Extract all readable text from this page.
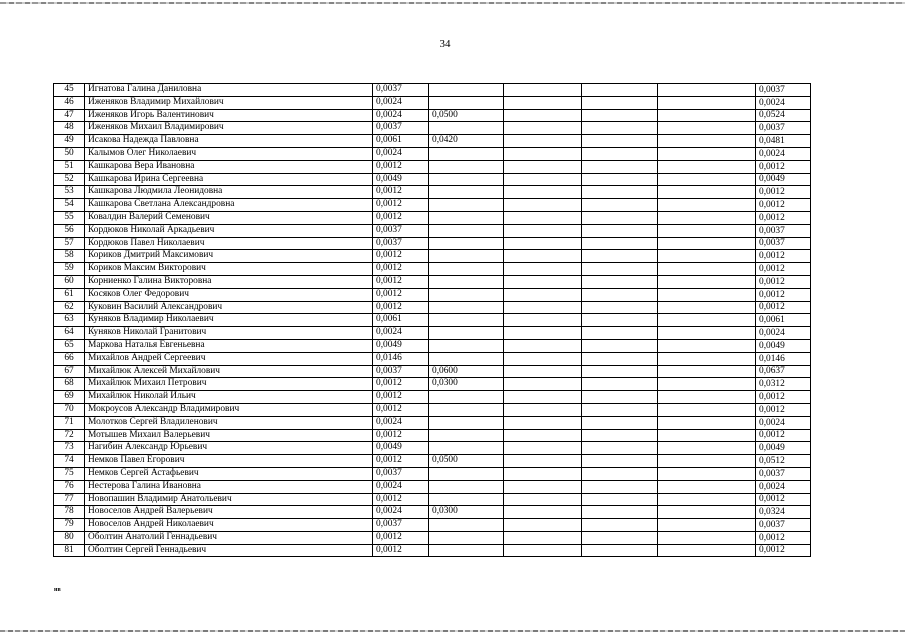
34
45	Игнатова Галина Даниловна	0,0037					0,0037
46	Иженяков Владимир Михайлович	0,0024					0,0024
47	Иженяков Игорь Валентинович	0,0024	0,0500				0,0524
48	Иженяков Михаил Владимирович	0,0037					0,0037
49	Исакова Надежда Павловна	0,0061	0,0420				0,0481
50	Калымов Олег Николаевич	0,0024					0,0024
51	Кашкарова Вера Ивановна	0,0012					0,0012
52	Кашкарова Ирина Сергеевна	0,0049					0,0049
53	Кашкарова Людмила Леонидовна	0,0012					0,0012
54	Кашкарова Светлана Александровна	0,0012					0,0012
55	Ковалдин Валерий Семенович	0,0012					0,0012
56	Кордюков Николай Аркадьевич	0,0037					0,0037
57	Кордюков Павел Николаевич	0,0037					0,0037
58	Кориков Дмитрий Максимович	0,0012					0,0012
59	Кориков Максим Викторович	0,0012					0,0012
60	Корниенко Галина Викторовна	0,0012					0,0012
61	Косяков Олег Федорович	0,0012					0,0012
62	Куковин Василий Александрович	0,0012					0,0012
63	Куняков Владимир Николаевич	0,0061					0,0061
64	Куняков Николай Гранитович	0,0024					0,0024
65	Маркова Наталья Евгеньевна	0,0049					0,0049
66	Михайлов Андрей Сергеевич	0,0146					0,0146
67	Михайлюк Алексей Михайлович	0,0037	0,0600				0,0637
68	Михайлюк Михаил Петрович	0,0012	0,0300				0,0312
69	Михайлюк Николай Ильич	0,0012					0,0012
70	Мокроусов Александр Владимирович	0,0012					0,0012
71	Молотков Сергей Владиленович	0,0024					0,0024
72	Мотышев Михаил Валерьевич	0,0012					0,0012
73	Нагибин Александр Юрьевич	0,0049					0,0049
74	Немков Павел Егорович	0,0012	0,0500				0,0512
75	Немков Сергей Астафьевич	0,0037					0,0037
76	Нестерова Галина Ивановна	0,0024					0,0024
77	Новопашин Владимир Анатольевич	0,0012					0,0012
78	Новоселов Андрей Валерьевич	0,0024	0,0300				0,0324
79	Новоселов Андрей Николаевич	0,0037					0,0037
80	Оболтин Анатолий Геннадьевич	0,0012					0,0012
81	Оболтин Сергей Геннадьевич	0,0012					0,0012
нв
